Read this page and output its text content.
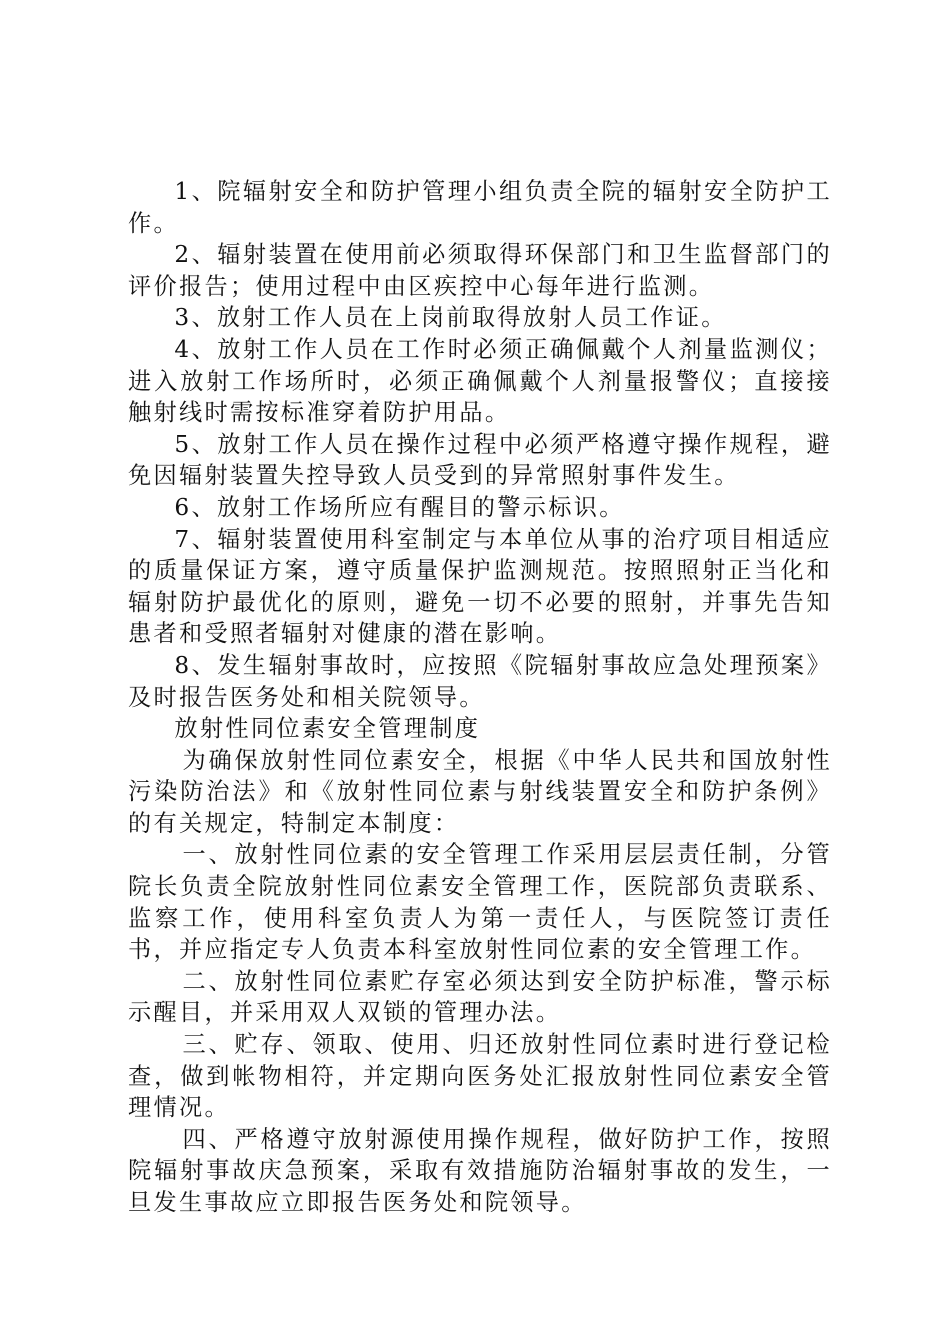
1、院辐射安全和防护管理小组负责全院的辐射安全防护工作。

2、辐射装置在使用前必须取得环保部门和卫生监督部门的评价报告；使用过程中由区疾控中心每年进行监测。

3、放射工作人员在上岗前取得放射人员工作证。

4、放射工作人员在工作时必须正确佩戴个人剂量监测仪；进入放射工作场所时，必须正确佩戴个人剂量报警仪；直接接触射线时需按标准穿着防护用品。

5、放射工作人员在操作过程中必须严格遵守操作规程，避免因辐射装置失控导致人员受到的异常照射事件发生。

6、放射工作场所应有醒目的警示标识。

7、辐射装置使用科室制定与本单位从事的治疗项目相适应的质量保证方案，遵守质量保护监测规范。按照照射正当化和辐射防护最优化的原则，避免一切不必要的照射，并事先告知患者和受照者辐射对健康的潜在影响。

8、发生辐射事故时，应按照《院辐射事故应急处理预案》及时报告医务处和相关院领导。

放射性同位素安全管理制度

为确保放射性同位素安全，根据《中华人民共和国放射性污染防治法》和《放射性同位素与射线装置安全和防护条例》的有关规定，特制定本制度：

一、放射性同位素的安全管理工作采用层层责任制，分管院长负责全院放射性同位素安全管理工作，医院部负责联系、监察工作，使用科室负责人为第一责任人，与医院签订责任书，并应指定专人负责本科室放射性同位素的安全管理工作。

二、放射性同位素贮存室必须达到安全防护标准，警示标示醒目，并采用双人双锁的管理办法。

三、贮存、领取、使用、归还放射性同位素时进行登记检查，做到帐物相符，并定期向医务处汇报放射性同位素安全管理情况。

四、严格遵守放射源使用操作规程，做好防护工作，按照院辐射事故庆急预案，采取有效措施防治辐射事故的发生，一旦发生事故应立即报告医务处和院领导。
